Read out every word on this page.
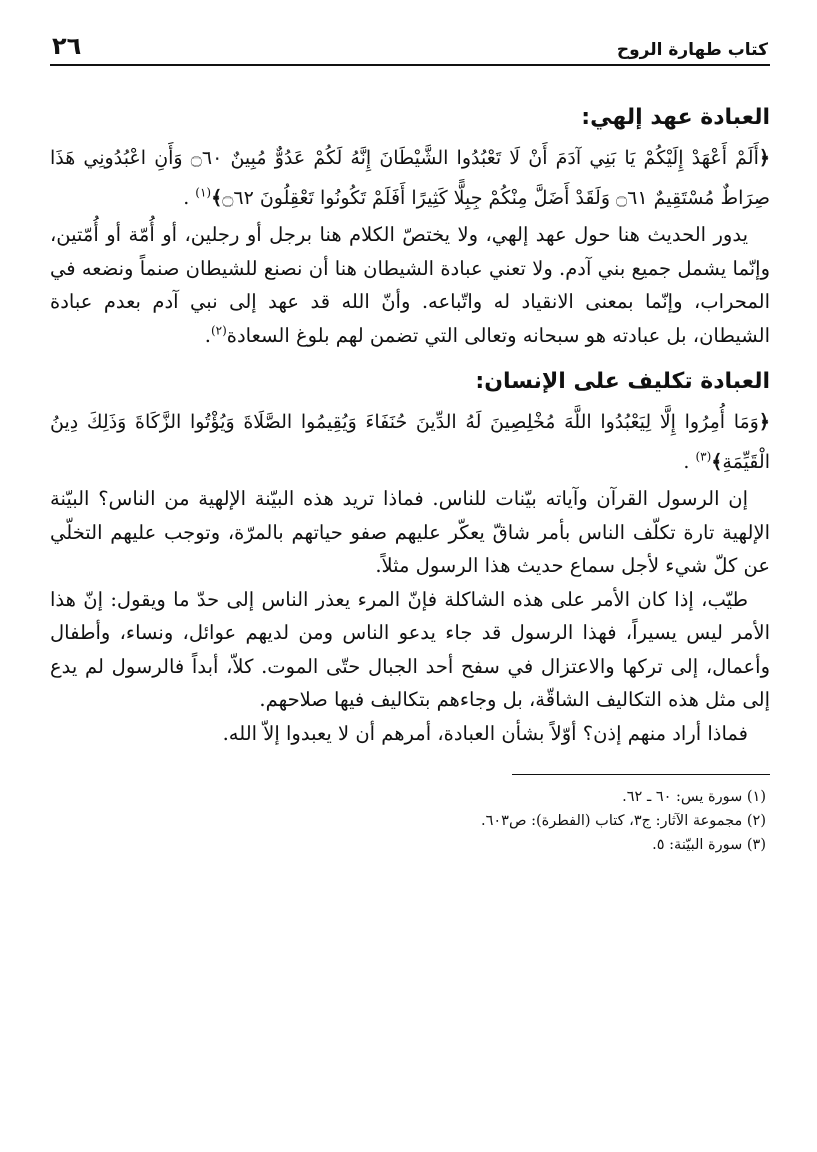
كتاب طهارة الروح
٢٦
العبادة عهد إلهي:
﴿أَلَمْ أَعْهَدْ إِلَيْكُمْ يَا بَنِي آدَمَ أَنْ لَا تَعْبُدُوا الشَّيْطَانَ إِنَّهُ لَكُمْ عَدُوٌّ مُبِينٌ ۝٦٠ وَأَنِ اعْبُدُونِي هَذَا صِرَاطٌ مُسْتَقِيمٌ ۝٦١ وَلَقَدْ أَضَلَّ مِنْكُمْ جِبِلًّا كَثِيرًا أَفَلَمْ تَكُونُوا تَعْقِلُونَ ۝٦٢﴾$^{(١)}$ .

يدور الحديث هنا حول عهد إلهي، ولا يختصّ الكلام هنا برجل أو رجلين، أو أُمّة أو أُمّتين، وإنّما يشمل جميع بني آدم. ولا تعني عبادة الشيطان هنا أن نصنع للشيطان صنماً ونضعه في المحراب، وإنّما بمعنى الانقياد له واتّباعه. وأنّ الله قد عهد إلى نبي آدم بعدم عبادة الشيطان، بل عبادته هو سبحانه وتعالى التي تضمن لهم بلوغ السعادة$^{(٢)}$.

العبادة تكليف على الإنسان:
﴿وَمَا أُمِرُوا إِلَّا لِيَعْبُدُوا اللَّهَ مُخْلِصِينَ لَهُ الدِّينَ حُنَفَاءَ وَيُقِيمُوا الصَّلَاةَ وَيُؤْتُوا الزَّكَاةَ وَذَلِكَ دِينُ الْقَيِّمَةِ﴾$^{(٣)}$ .

إن الرسول القرآن وآياته بيّنات للناس. فماذا تريد هذه البيّنة الإلهية من الناس؟ البيّنة الإلهية تارة تكلّف الناس بأمر شاقّ يعكّر عليهم صفو حياتهم بالمرّة، وتوجب عليهم التخلّي عن كلّ شيء لأجل سماع حديث هذا الرسول مثلاً.

طيّب، إذا كان الأمر على هذه الشاكلة فإنّ المرء يعذر الناس إلى حدّ ما ويقول: إنّ هذا الأمر ليس يسيراً، فهذا الرسول قد جاء يدعو الناس ومن لديهم عوائل، ونساء، وأطفال وأعمال، إلى تركها والاعتزال في سفح أحد الجبال حتّى الموت. كلاّ، أبداً فالرسول لم يدع إلى مثل هذه التكاليف الشاقّة، بل وجاءهم بتكاليف فيها صلاحهم.

فماذا أراد منهم إذن؟ أوّلاً بشأن العبادة، أمرهم أن لا يعبدوا إلاّ الله.

(١) سورة يس: ٦٠ ـ ٦٢.
(٢) مجموعة الآثار: ج٣، كتاب (الفطرة): ص٦٠٣.
(٣) سورة البيّنة: ٥.
